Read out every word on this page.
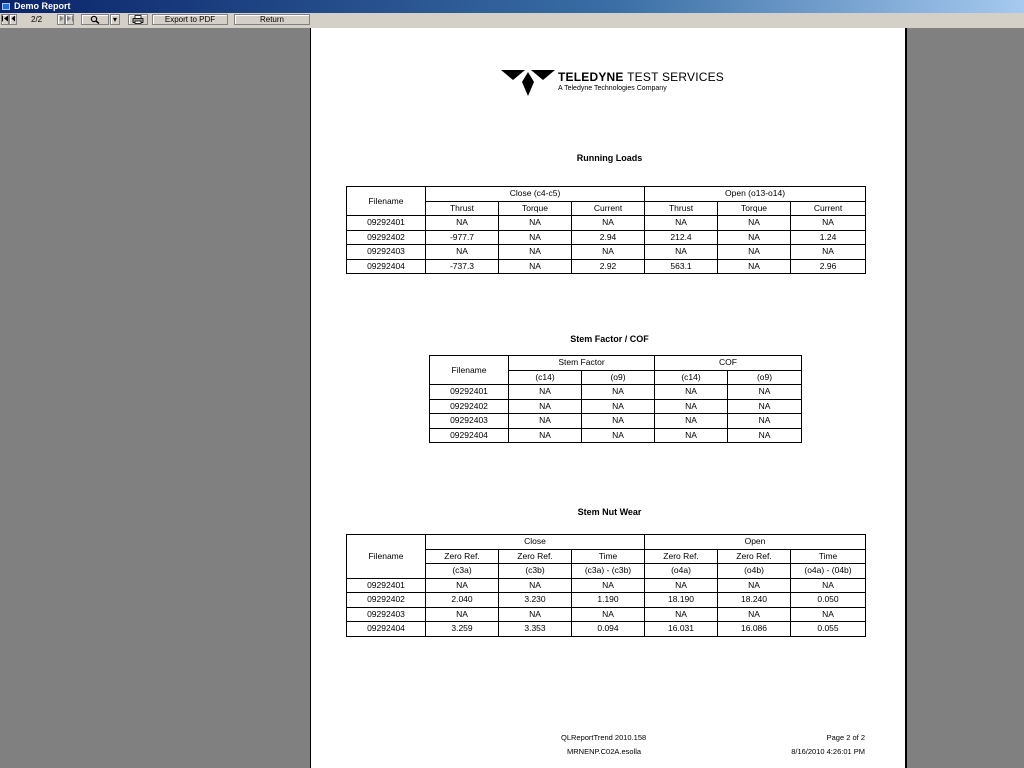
Demo Report
2/2	▾	Export to PDF	Return
TELEDYNE TEST SERVICES
A Teledyne Technologies Company
Running Loads
Filename	Close (c4-c5)			Open (o13-o14)		
	Thrust	Torque	Current	Thrust	Torque	Current
09292401	NA	NA	NA	NA	NA	NA
09292402	-977.7	NA	2.94	212.4	NA	1.24
09292403	NA	NA	NA	NA	NA	NA
09292404	-737.3	NA	2.92	563.1	NA	2.96
Stem Factor / COF
Filename	Stem Factor		COF	
	(c14)	(o9)	(c14)	(o9)
09292401	NA	NA	NA	NA
09292402	NA	NA	NA	NA
09292403	NA	NA	NA	NA
09292404	NA	NA	NA	NA
Stem Nut Wear
Filename	Close			Open		
	Zero Ref.	Zero Ref.	Time	Zero Ref.	Zero Ref.	Time
	(c3a)	(c3b)	(c3a) - (c3b)	(o4a)	(o4b)	(o4a) - (04b)
09292401	NA	NA	NA	NA	NA	NA
09292402	2.040	3.230	1.190	18.190	18.240	0.050
09292403	NA	NA	NA	NA	NA	NA
09292404	3.259	3.353	0.094	16.031	16.086	0.055
QLReportTrend 2010.158
MRNENP.C02A.esolla
Page 2 of 2
8/16/2010 4:26:01 PM
